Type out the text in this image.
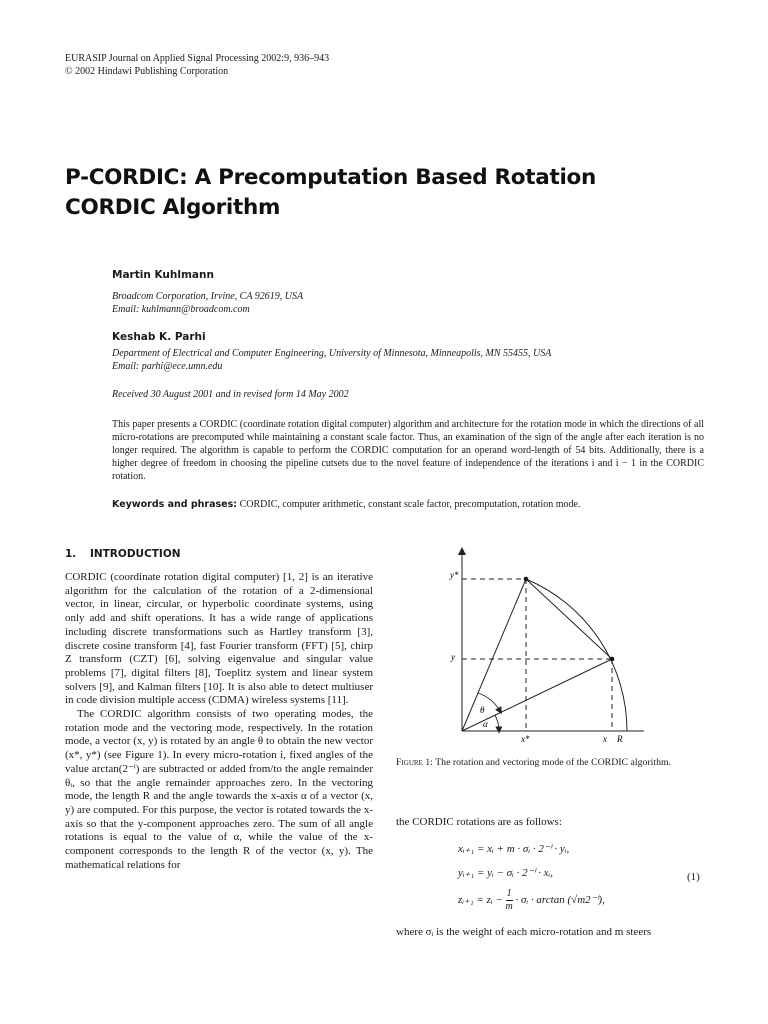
EURASIP Journal on Applied Signal Processing 2002:9, 936–943
© 2002 Hindawi Publishing Corporation
P-CORDIC: A Precomputation Based Rotation
CORDIC Algorithm
Martin Kuhlmann
Broadcom Corporation, Irvine, CA 92619, USA
Email: kuhlmann@broadcom.com
Keshab K. Parhi
Department of Electrical and Computer Engineering, University of Minnesota, Minneapolis, MN 55455, USA
Email: parhi@ece.umn.edu
Received 30 August 2001 and in revised form 14 May 2002
This paper presents a CORDIC (coordinate rotation digital computer) algorithm and architecture for the rotation mode in which the directions of all micro-rotations are precomputed while maintaining a constant scale factor. Thus, an examination of the sign of the angle after each iteration is no longer required. The algorithm is capable to perform the CORDIC computation for an operand word-length of 54 bits. Additionally, there is a higher degree of freedom in choosing the pipeline cutsets due to the novel feature of independence of the iterations i and i − 1 in the CORDIC rotation.
Keywords and phrases: CORDIC, computer arithmetic, constant scale factor, precomputation, rotation mode.
1. INTRODUCTION

CORDIC (coordinate rotation digital computer) [1, 2] is an iterative algorithm for the calculation of the rotation of a 2-dimensional vector, in linear, circular, or hyperbolic coordinate systems, using only add and shift operations. It has a wide range of applications including discrete transformations such as Hartley transform [3], discrete cosine transform [4], fast Fourier transform (FFT) [5], chirp Z transform (CZT) [6], solving eigenvalue and singular value problems [7], digital filters [8], Toeplitz system and linear system solvers [9], and Kalman filters [10]. It is also able to detect multiuser in code division multiple access (CDMA) wireless systems [11].

The CORDIC algorithm consists of two operating modes, the rotation mode and the vectoring mode, respectively. In the rotation mode, a vector (x, y) is rotated by an angle θ to obtain the new vector (x*, y*) (see Figure 1). In every micro-rotation i, fixed angles of the value arctan(2⁻ⁱ) are subtracted or added from/to the angle remainder θᵢ, so that the angle remainder approaches zero. In the vectoring mode, the length R and the angle towards the x-axis α of a vector (x, y) are computed. For this purpose, the vector is rotated towards the x-axis so that the y-component approaches zero. The sum of all angle rotations is equal to the value of α, while the value of the x-component corresponds to the length R of the vector (x, y). The mathematical relations for

y*
y
x*	x R
θ
α
Figure 1: The rotation and vectoring mode of the CORDIC algorithm.
the CORDIC rotations are as follows:
xᵢ₊₁ = xᵢ + m · σᵢ · 2⁻ⁱ · yᵢ,
yᵢ₊₁ = yᵢ − σᵢ · 2⁻ⁱ · xᵢ,
zᵢ₊₁ = zᵢ − $\frac{1}{m}$ · σᵢ · arctan (√m2⁻ⁱ),
(1)
where σᵢ is the weight of each micro-rotation and m steers
